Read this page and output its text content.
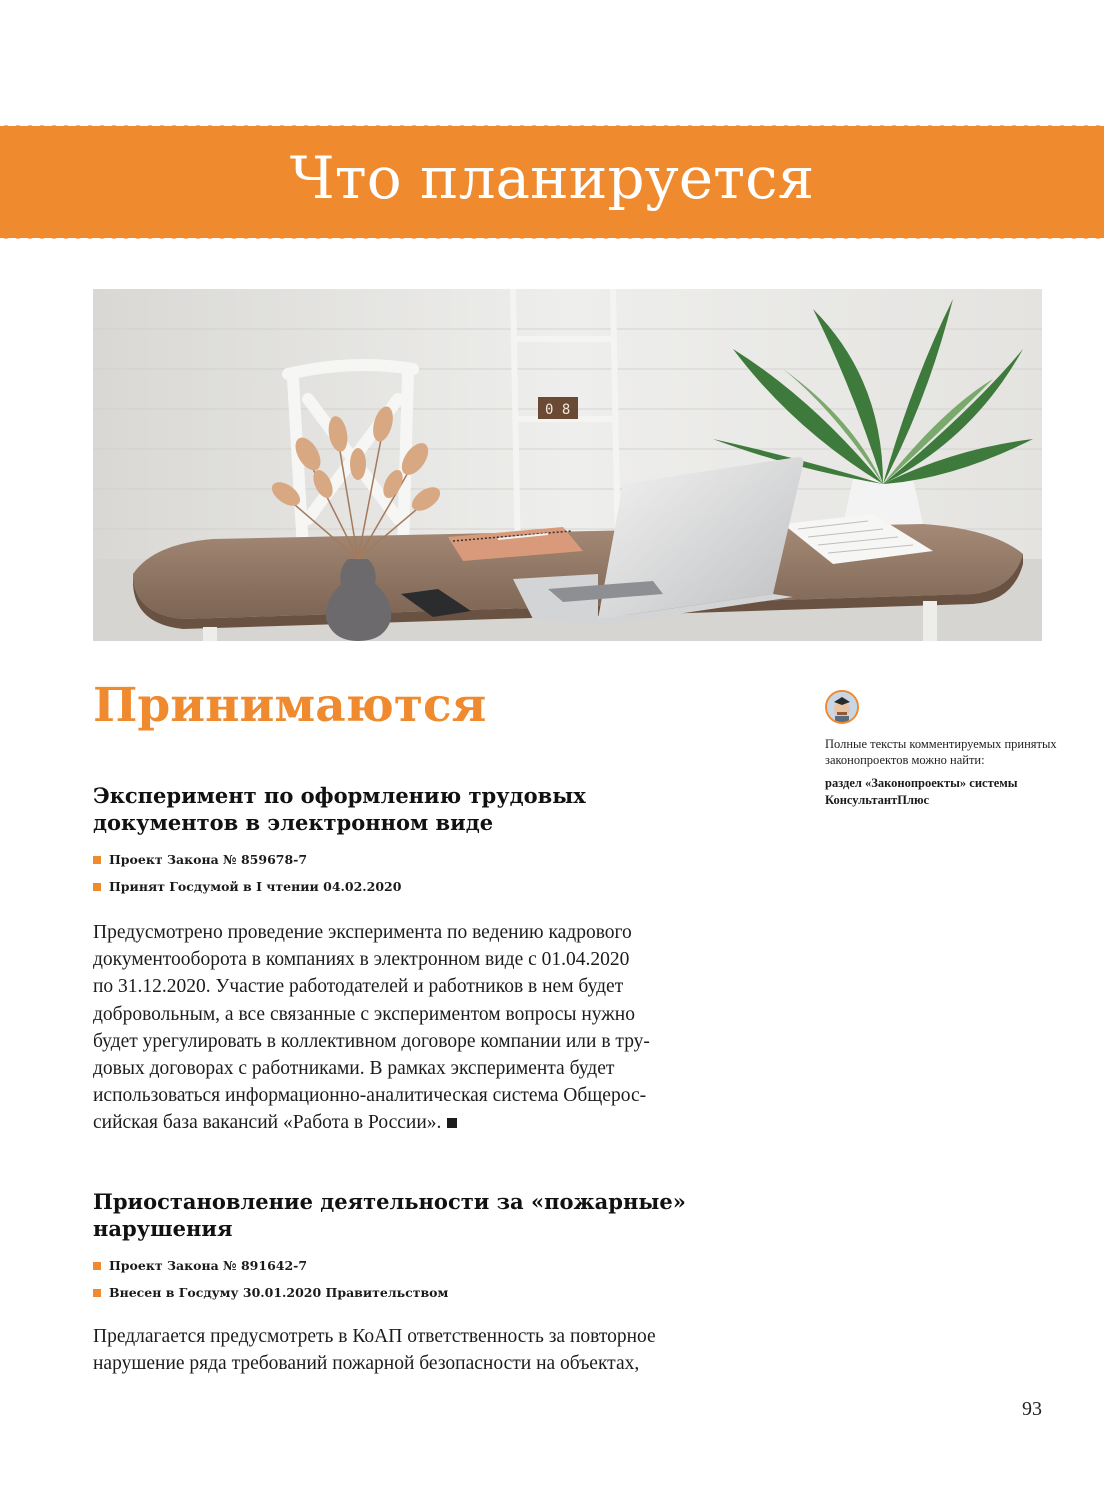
Что планируется
0 8
Принимаются
Полные тексты комментируемых принятых законопроектов можно найти:
раздел «Законопроекты» системы КонсультантПлюс
Эксперимент по оформлению трудовых
документов в электронном виде
Проект Закона № 859678-7
Принят Госдумой в I чтении 04.02.2020

Предусмотрено проведение эксперимента по ведению кадрового
документооборота в компаниях в электронном виде с 01.04.2020
по 31.12.2020. Участие работодателей и работников в нем будет
добровольным, а все связанные с экспериментом вопросы нужно
будет урегулировать в коллективном договоре компании или в тру-
довых договорах с работниками. В рамках эксперимента будет
использоваться информационно-аналитическая система Общерос-
сийская база вакансий «Работа в России».

Приостановление деятельности за «пожарные»
нарушения
Проект Закона № 891642-7
Внесен в Госдуму 30.01.2020 Правительством

Предлагается предусмотреть в КоАП ответственность за повторное
нарушение ряда требований пожарной безопасности на объектах,

93
